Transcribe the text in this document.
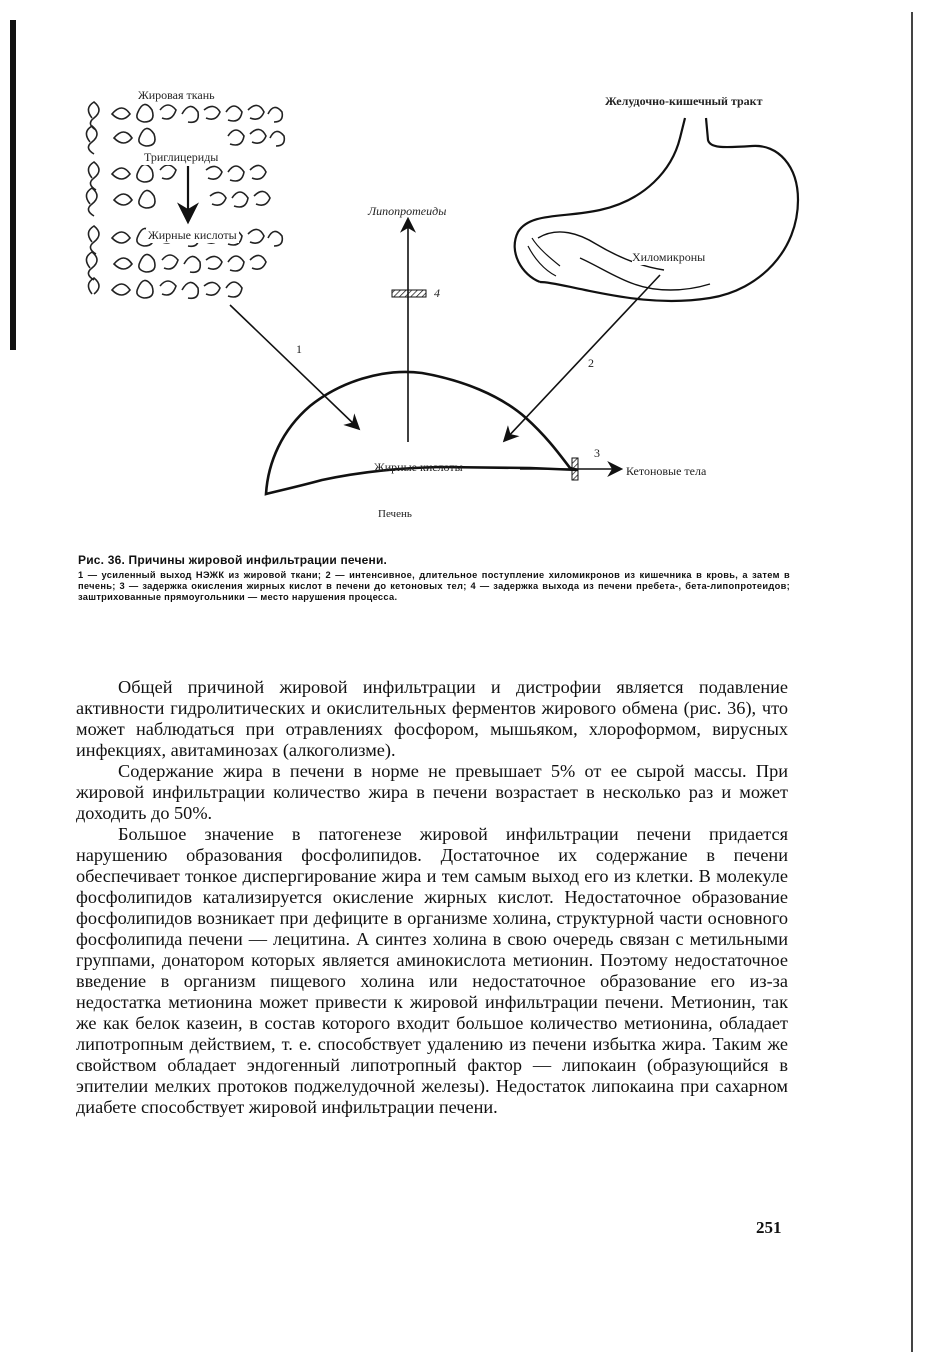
Жировая ткань
Триглицериды
Жирные кислоты
Липопротеиды
Желудочно-кишечный тракт
Хиломикроны
Жирные кислоты	Кетоновые тела
Печень
1
2
3
4
Рис. 36. Причины жировой инфильтрации печени.
1 — усиленный выход НЭЖК из жировой ткани; 2 — интенсивное, длительное поступление хиломикронов из кишечника в кровь, а затем в печень; 3 — задержка окисления жирных кислот в печени до кетоновых тел; 4 — задержка выхода из печени пребета-, бета-липопротеидов; заштрихованные прямоугольники — место нарушения процесса.

Общей причиной жировой инфильтрации и дистрофии является подавление активности гидролитических и окислительных ферментов жирового обмена (рис. 36), что может наблюдаться при отравлениях фосфором, мышьяком, хлороформом, вирусных инфекциях, авитаминозах (алкоголизме).

Содержание жира в печени в норме не превышает 5% от ее сырой массы. При жировой инфильтрации количество жира в печени возрастает в несколько раз и может доходить до 50%.

Большое значение в патогенезе жировой инфильтрации печени придается нарушению образования фосфолипидов. Достаточное их содержание в печени обеспечивает тонкое диспергирование жира и тем самым выход его из клетки. В молекуле фосфолипидов катализируется окисление жирных кислот. Недостаточное образование фосфолипидов возникает при дефиците в организме холина, структурной части основного фосфолипида печени — лецитина. А синтез холина в свою очередь связан с метильными группами, донатором которых является аминокислота метионин. Поэтому недостаточное введение в организм пищевого холина или недостаточное образование его из-за недостатка метионина может привести к жировой инфильтрации печени. Метионин, так же как белок казеин, в состав которого входит большое количество метионина, обладает липотропным действием, т. е. способствует удалению из печени избытка жира. Таким же свойством обладает эндогенный липотропный фактор — липокаин (образующийся в эпителии мелких протоков поджелудочной железы). Недостаток липокаина при сахарном диабете способствует жировой инфильтрации печени.

251
